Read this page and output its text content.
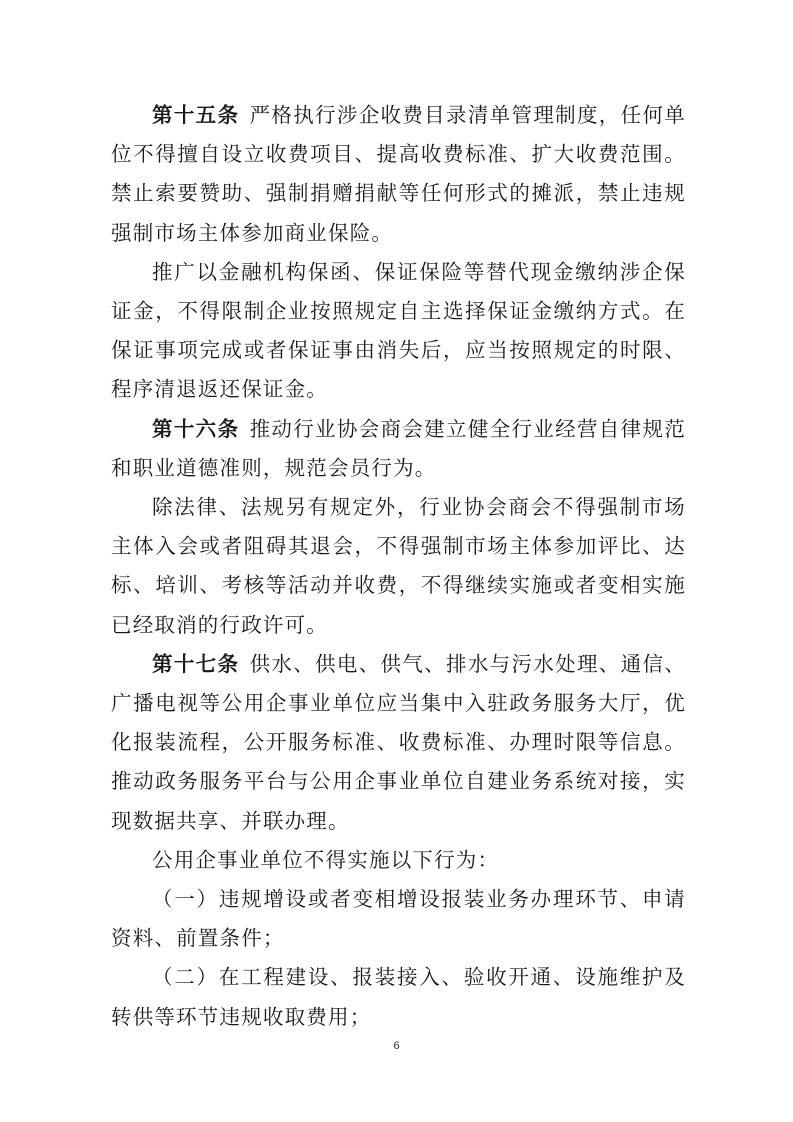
第十五条 严格执行涉企收费目录清单管理制度，任何单位不得擅自设立收费项目、提高收费标准、扩大收费范围。禁止索要赞助、强制捐赠捐献等任何形式的摊派，禁止违规强制市场主体参加商业保险。

推广以金融机构保函、保证保险等替代现金缴纳涉企保证金，不得限制企业按照规定自主选择保证金缴纳方式。在保证事项完成或者保证事由消失后，应当按照规定的时限、程序清退返还保证金。

第十六条 推动行业协会商会建立健全行业经营自律规范和职业道德准则，规范会员行为。

除法律、法规另有规定外，行业协会商会不得强制市场主体入会或者阻碍其退会，不得强制市场主体参加评比、达标、培训、考核等活动并收费，不得继续实施或者变相实施已经取消的行政许可。

第十七条 供水、供电、供气、排水与污水处理、通信、广播电视等公用企事业单位应当集中入驻政务服务大厅，优化报装流程，公开服务标准、收费标准、办理时限等信息。推动政务服务平台与公用企事业单位自建业务系统对接，实现数据共享、并联办理。

公用企事业单位不得实施以下行为：

（一）违规增设或者变相增设报装业务办理环节、申请资料、前置条件；

（二）在工程建设、报装接入、验收开通、设施维护及转供等环节违规收取费用；

6
